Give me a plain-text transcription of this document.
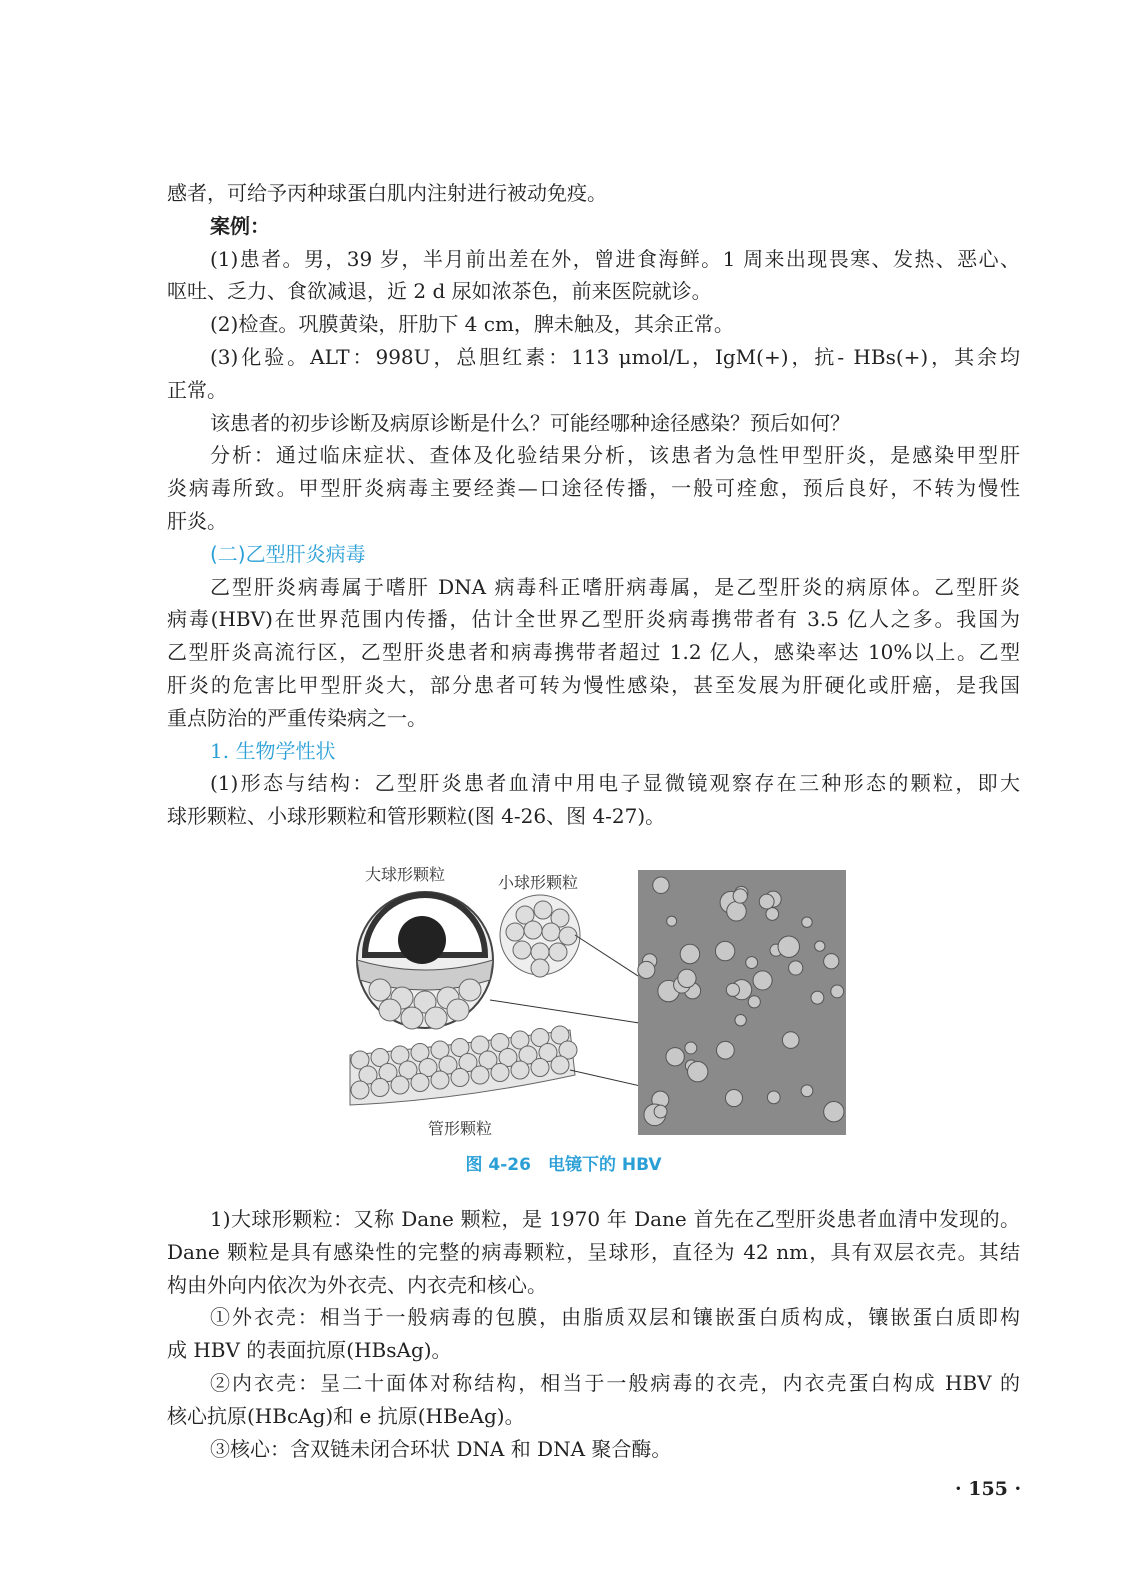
感者，可给予丙种球蛋白肌内注射进行被动免疫。
案例：
(1)患者。男，39 岁，半月前出差在外，曾进食海鲜。1 周来出现畏寒、发热、恶心、
呕吐、乏力、食欲减退，近 2 d 尿如浓茶色，前来医院就诊。
(2)检查。巩膜黄染，肝肋下 4 cm，脾未触及，其余正常。
(3)化验。ALT：998U，总胆红素：113 μmol/L，IgM(+)，抗- HBs(+)，其余均
正常。
该患者的初步诊断及病原诊断是什么？可能经哪种途径感染？预后如何？
分析：通过临床症状、查体及化验结果分析，该患者为急性甲型肝炎，是感染甲型肝
炎病毒所致。甲型肝炎病毒主要经粪—口途径传播，一般可痊愈，预后良好，不转为慢性
肝炎。
(二)乙型肝炎病毒
乙型肝炎病毒属于嗜肝 DNA 病毒科正嗜肝病毒属，是乙型肝炎的病原体。乙型肝炎
病毒(HBV)在世界范围内传播，估计全世界乙型肝炎病毒携带者有 3.5 亿人之多。我国为
乙型肝炎高流行区，乙型肝炎患者和病毒携带者超过 1.2 亿人，感染率达 10%以上。乙型
肝炎的危害比甲型肝炎大，部分患者可转为慢性感染，甚至发展为肝硬化或肝癌，是我国
重点防治的严重传染病之一。
1. 生物学性状
(1)形态与结构：乙型肝炎患者血清中用电子显微镜观察存在三种形态的颗粒，即大
球形颗粒、小球形颗粒和管形颗粒(图 4-26、图 4-27)。
大球形颗粒	小球形颗粒
管形颗粒
图 4-26　电镜下的 HBV
1)大球形颗粒：又称 Dane 颗粒，是 1970 年 Dane 首先在乙型肝炎患者血清中发现的。
Dane 颗粒是具有感染性的完整的病毒颗粒，呈球形，直径为 42 nm，具有双层衣壳。其结
构由外向内依次为外衣壳、内衣壳和核心。
①外衣壳：相当于一般病毒的包膜，由脂质双层和镶嵌蛋白质构成，镶嵌蛋白质即构
成 HBV 的表面抗原(HBsAg)。
②内衣壳：呈二十面体对称结构，相当于一般病毒的衣壳，内衣壳蛋白构成 HBV 的
核心抗原(HBcAg)和 e 抗原(HBeAg)。
③核心：含双链未闭合环状 DNA 和 DNA 聚合酶。
· 155 ·
